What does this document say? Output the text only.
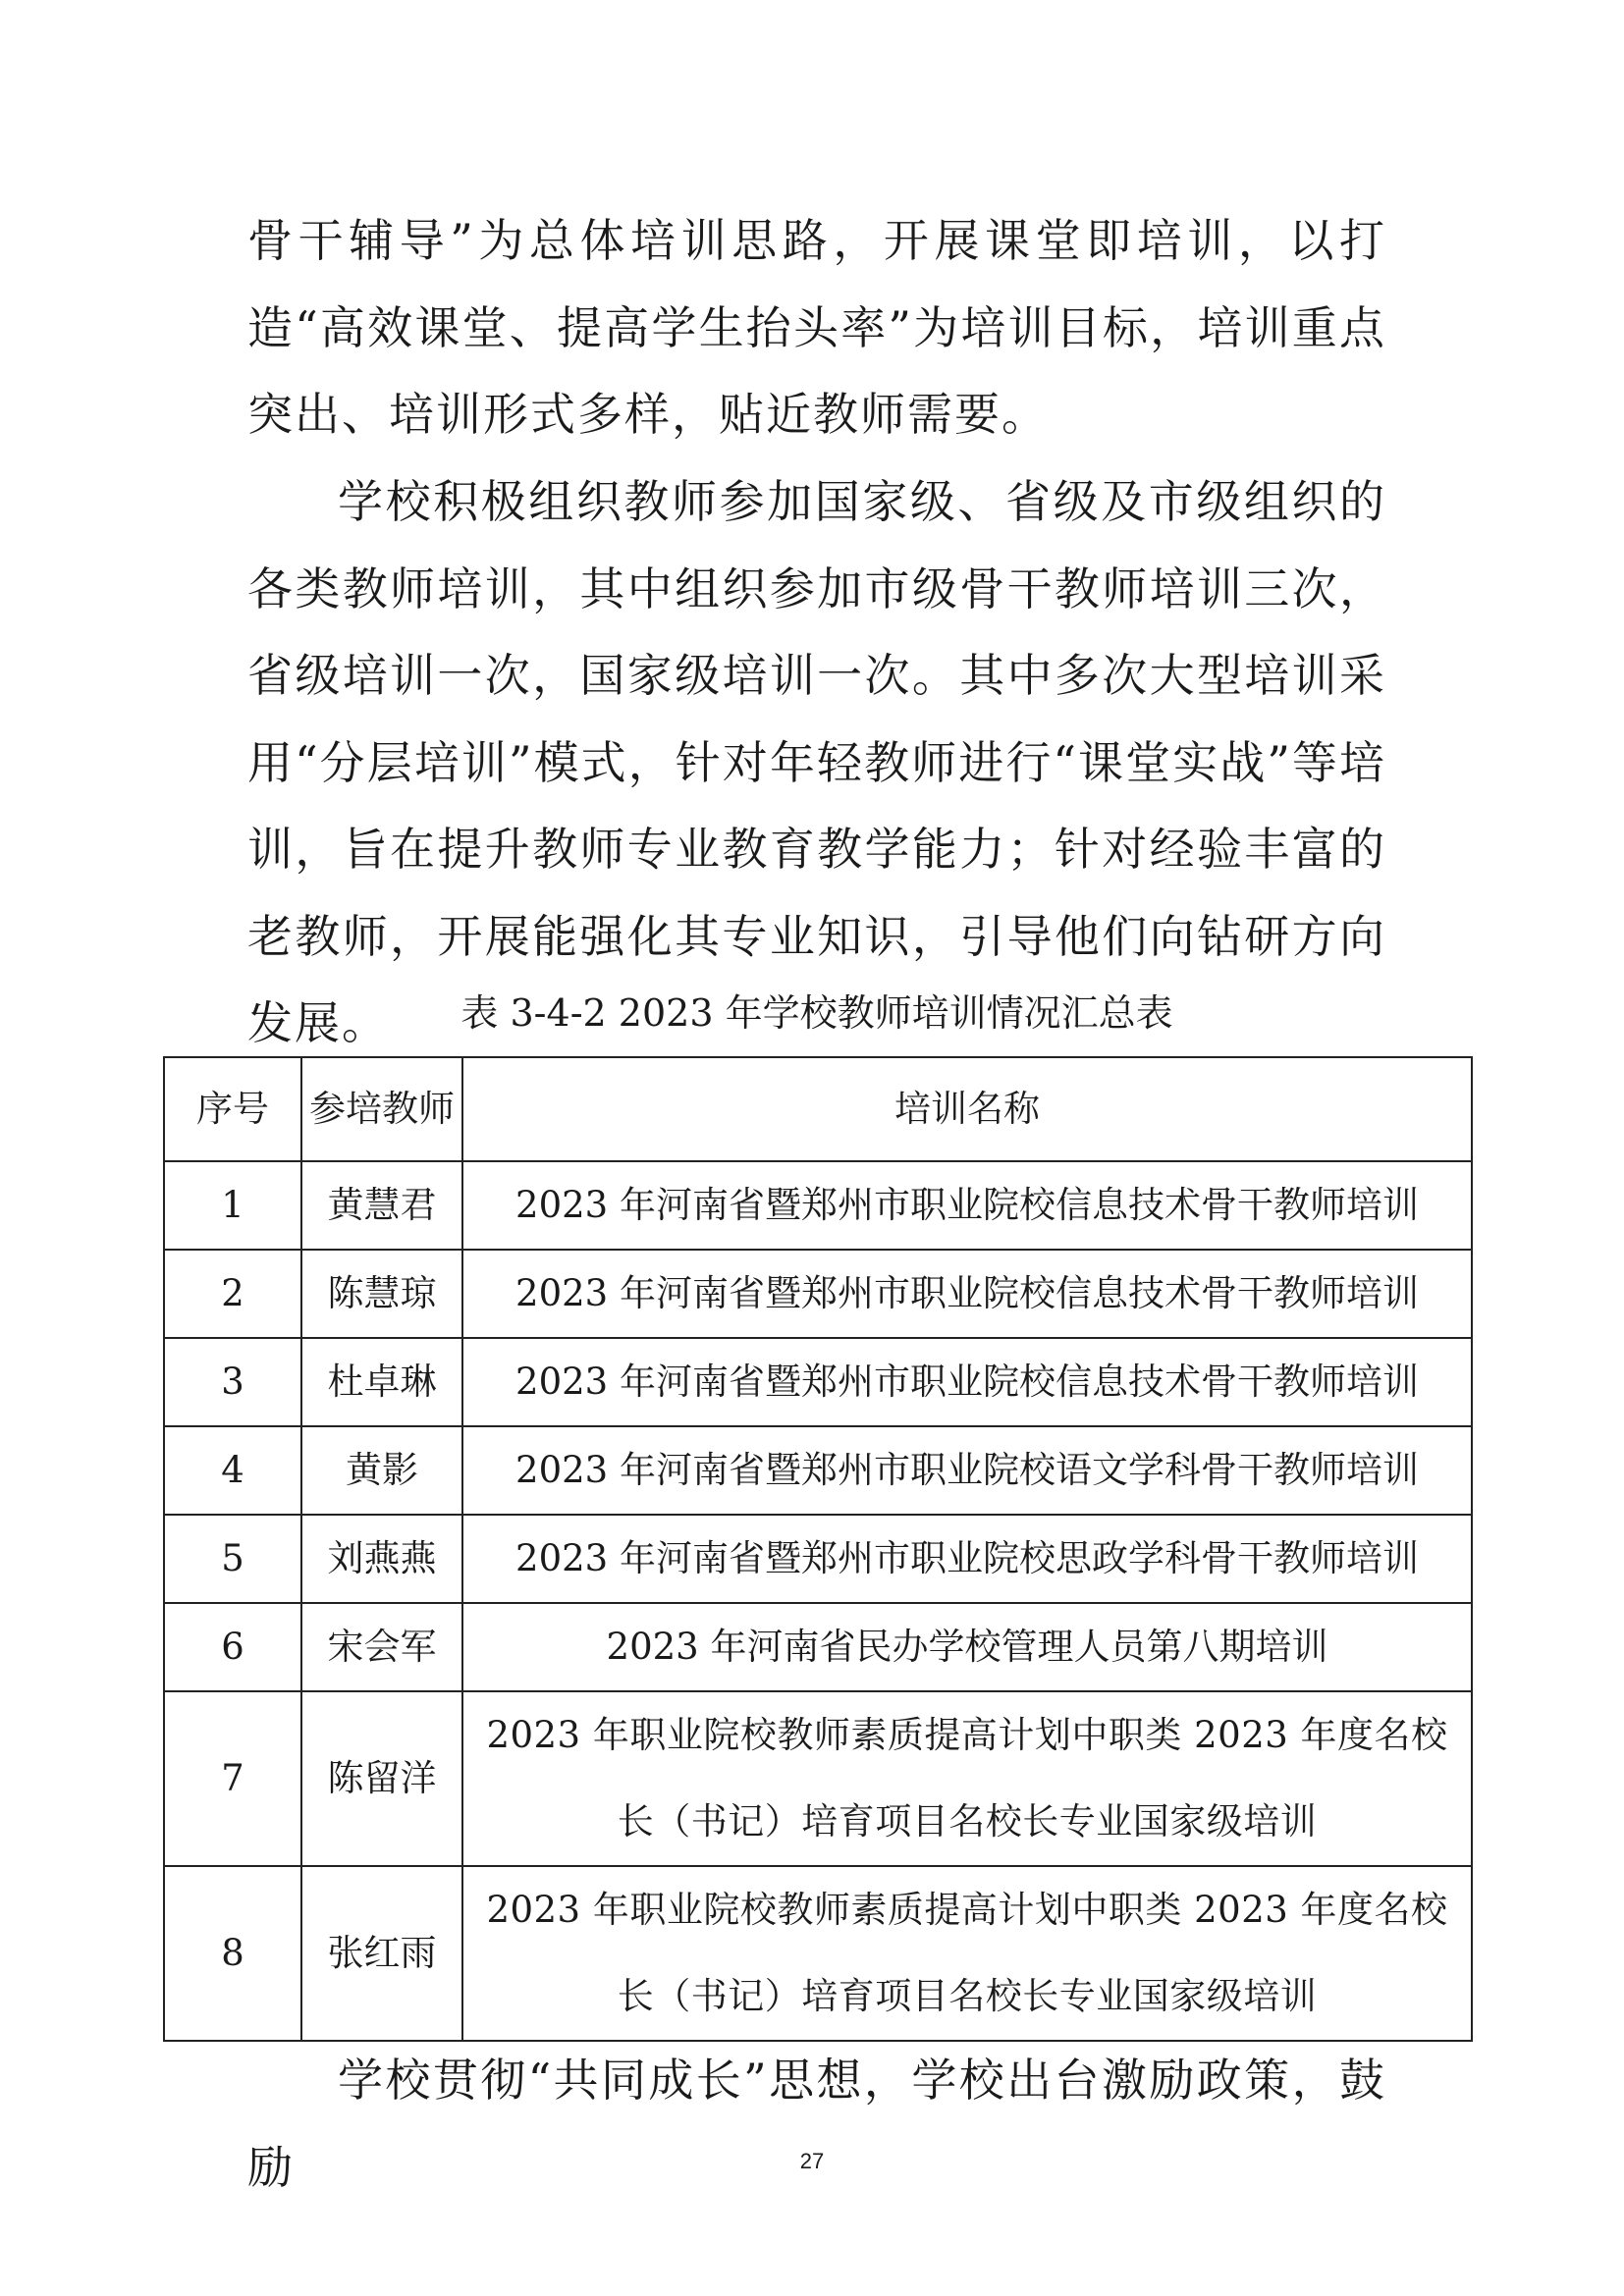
骨干辅导”为总体培训思路，开展课堂即培训，以打造“高效课堂、提高学生抬头率”为培训目标，培训重点突出、培训形式多样，贴近教师需要。

学校积极组织教师参加国家级、省级及市级组织的各类教师培训，其中组织参加市级骨干教师培训三次，省级培训一次，国家级培训一次。其中多次大型培训采用“分层培训”模式，针对年轻教师进行“课堂实战”等培训，旨在提升教师专业教育教学能力；针对经验丰富的老教师，开展能强化其专业知识，引导他们向钻研方向发展。	表 3-4-2 2023 年学校教师培训情况汇总表

序号	参培教师	培训名称
1	黄慧君	2023 年河南省暨郑州市职业院校信息技术骨干教师培训
2	陈慧琼	2023 年河南省暨郑州市职业院校信息技术骨干教师培训
3	杜卓琳	2023 年河南省暨郑州市职业院校信息技术骨干教师培训
4	黄影	2023 年河南省暨郑州市职业院校语文学科骨干教师培训
5	刘燕燕	2023 年河南省暨郑州市职业院校思政学科骨干教师培训
6	宋会军	2023 年河南省民办学校管理人员第八期培训
7	陈留洋	2023 年职业院校教师素质提高计划中职类 2023 年度名校长（书记）培育项目名校长专业国家级培训
8	张红雨	2023 年职业院校教师素质提高计划中职类 2023 年度名校长（书记）培育项目名校长专业国家级培训

学校贯彻“共同成长”思想，学校出台激励政策，鼓励	27
